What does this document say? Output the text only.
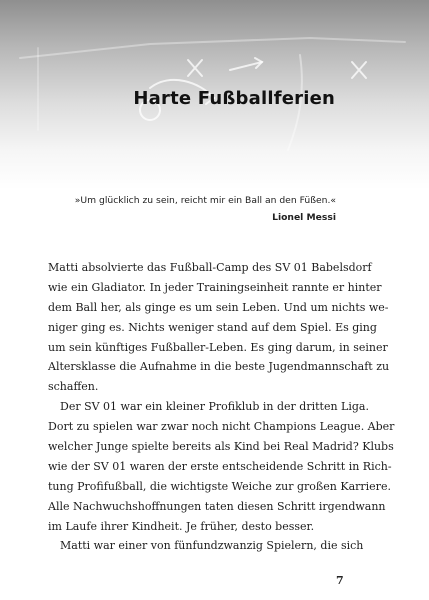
Harte Fußballferien
»Um glücklich zu sein, reicht mir ein Ball an den Füßen.«
Lionel Messi
Matti absolvierte das Fußball-Camp des SV 01 Babelsdorf
wie ein Gladiator. In jeder Trainingseinheit rannte er hinter
dem Ball her, als ginge es um sein Leben. Und um nichts we-
niger ging es. Nichts weniger stand auf dem Spiel. Es ging
um sein künftiges Fußballer-Leben. Es ging darum, in seiner
Altersklasse die Aufnahme in die beste Jugendmannschaft zu
schaffen.
Der SV 01 war ein kleiner Profiklub in der dritten Liga.
Dort zu spielen war zwar noch nicht Champions League. Aber
welcher Junge spielte bereits als Kind bei Real Madrid? Klubs
wie der SV 01 waren der erste entscheidende Schritt in Rich-
tung Profifußball, die wichtigste Weiche zur großen Karriere.
Alle Nachwuchshoffnungen taten diesen Schritt irgendwann
im Laufe ihrer Kindheit. Je früher, desto besser.
Matti war einer von fünfundzwanzig Spielern, die sich
7
